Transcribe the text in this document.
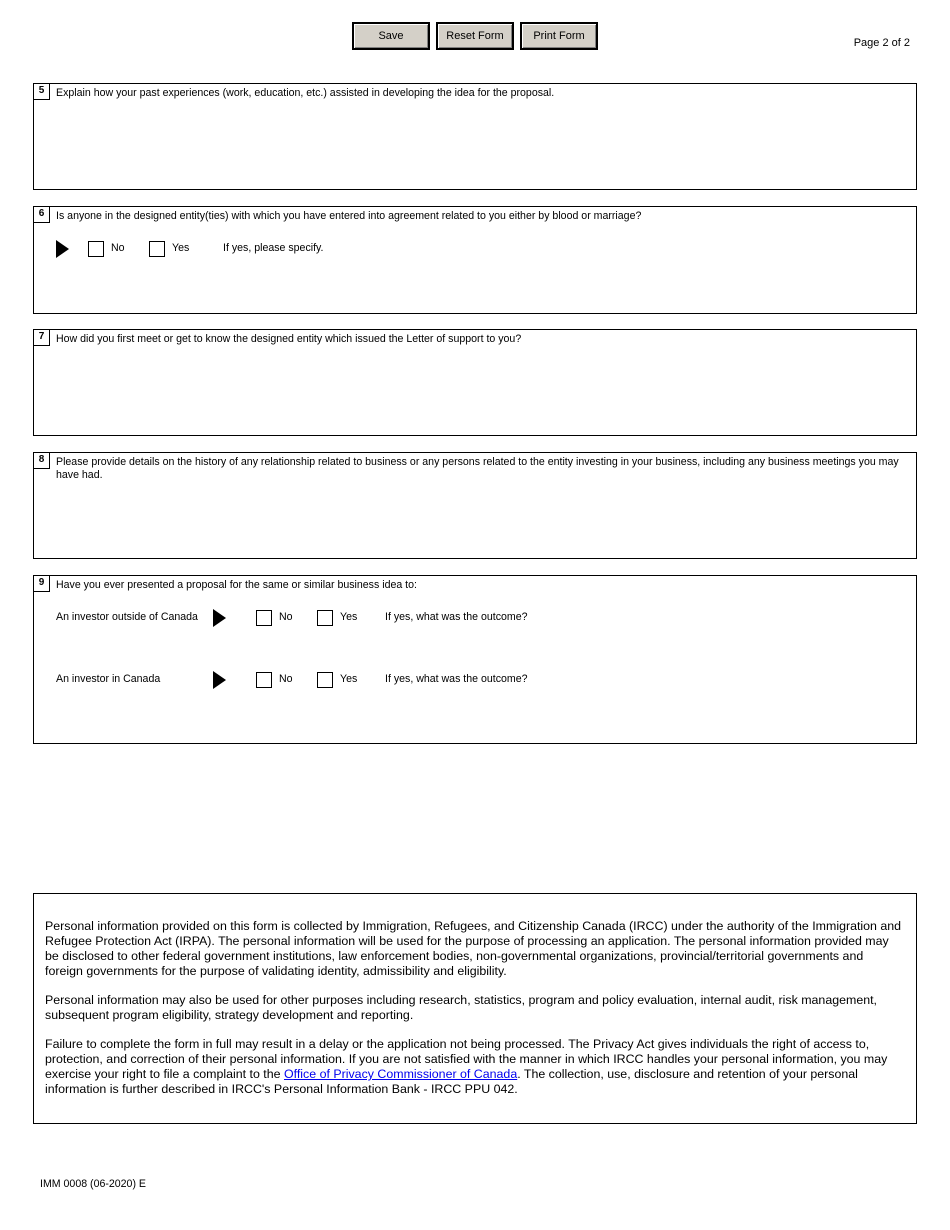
Save	Reset Form	Print Form
Page 2 of 2
5	Explain how your past experiences (work, education, etc.) assisted in developing the idea for the proposal.
6	Is anyone in the designed entity(ties) with which you have entered into agreement related to you either by blood or marriage?
No	Yes	If yes, please specify.
7	How did you first meet or get to know the designed entity which issued the Letter of support to you?
8	Please provide details on the history of any relationship related to business or any persons related to the entity investing in your business, including any business meetings you may have had.
9	Have you ever presented a proposal for the same or similar business idea to:
An investor outside of Canada	No	Yes	If yes, what was the outcome?
An investor in Canada	No	Yes	If yes, what was the outcome?
Personal information provided on this form is collected by Immigration, Refugees, and Citizenship Canada (IRCC) under the authority of the Immigration and Refugee Protection Act (IRPA). The personal information will be used for the purpose of processing an application. The personal information provided may be disclosed to other federal government institutions, law enforcement bodies, non-governmental organizations, provincial/territorial governments and foreign governments for the purpose of validating identity, admissibility and eligibility.
Personal information may also be used for other purposes including research, statistics, program and policy evaluation, internal audit, risk management, subsequent program eligibility, strategy development and reporting.
Failure to complete the form in full may result in a delay or the application not being processed. The Privacy Act gives individuals the right of access to, protection, and correction of their personal information. If you are not satisfied with the manner in which IRCC handles your personal information, you may exercise your right to file a complaint to the Office of Privacy Commissioner of Canada. The collection, use, disclosure and retention of your personal information is further described in IRCC's Personal Information Bank - IRCC PPU 042.
IMM 0008 (06-2020) E
